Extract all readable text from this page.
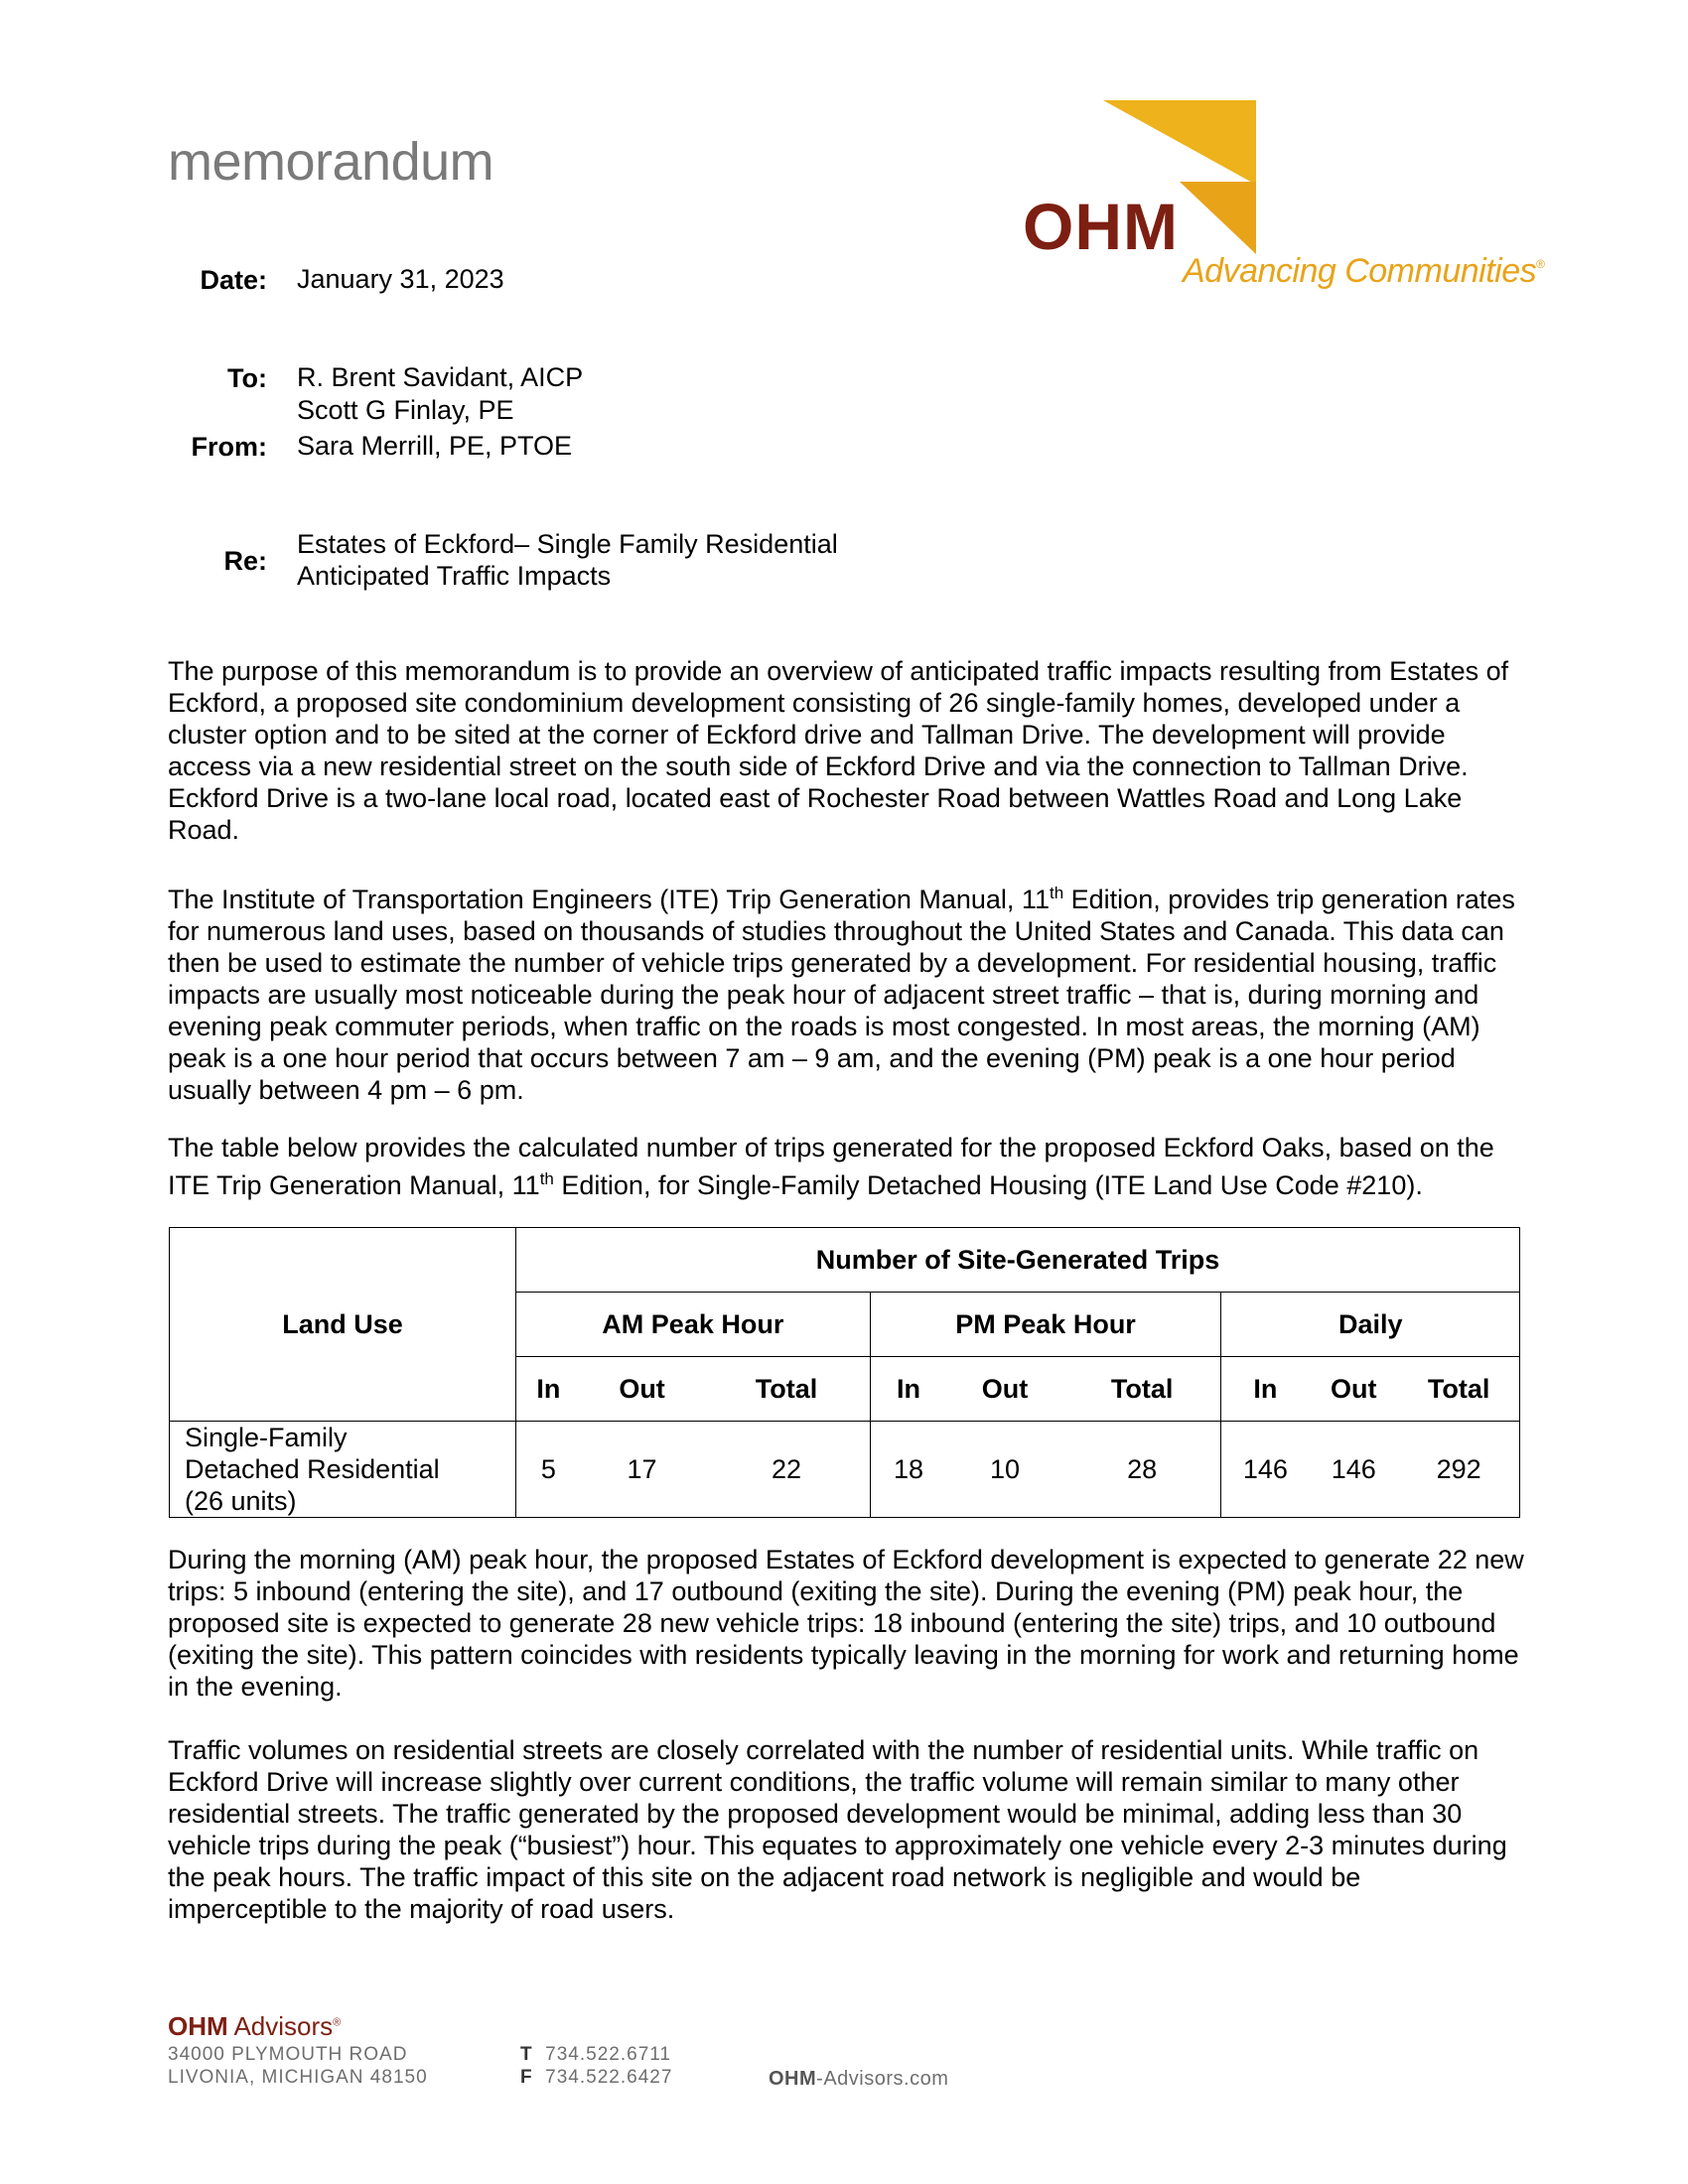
memorandum
OHM
Advancing Communities®
Date: January 31, 2023
To: R. Brent Savidant, AICP
Scott G Finlay, PE
From: Sara Merrill, PE, PTOE
Re:
Estates of Eckford– Single Family Residential
Anticipated Traffic Impacts

The purpose of this memorandum is to provide an overview of anticipated traffic impacts resulting from Estates of Eckford, a proposed site condominium development consisting of 26 single-family homes, developed under a cluster option and to be sited at the corner of Eckford drive and Tallman Drive. The development will provide access via a new residential street on the south side of Eckford Drive and via the connection to Tallman Drive. Eckford Drive is a two-lane local road, located east of Rochester Road between Wattles Road and Long Lake Road.

The Institute of Transportation Engineers (ITE) Trip Generation Manual, 11th Edition, provides trip generation rates for numerous land uses, based on thousands of studies throughout the United States and Canada. This data can then be used to estimate the number of vehicle trips generated by a development. For residential housing, traffic impacts are usually most noticeable during the peak hour of adjacent street traffic – that is, during morning and evening peak commuter periods, when traffic on the roads is most congested. In most areas, the morning (AM) peak is a one hour period that occurs between 7 am – 9 am, and the evening (PM) peak is a one hour period usually between 4 pm – 6 pm.

The table below provides the calculated number of trips generated for the proposed Eckford Oaks, based on the ITE Trip Generation Manual, 11th Edition, for Single-Family Detached Housing (ITE Land Use Code #210).

Land Use	Number of Site-Generated Trips								
	AM Peak Hour			PM Peak Hour			Daily		
	In	Out	Total	In	Out	Total	In	Out	Total

Single-Family
Detached Residential
(26 units)	5	17	22	18	10	28	146	146	292

During the morning (AM) peak hour, the proposed Estates of Eckford development is expected to generate 22 new trips: 5 inbound (entering the site), and 17 outbound (exiting the site). During the evening (PM) peak hour, the proposed site is expected to generate 28 new vehicle trips: 18 inbound (entering the site) trips, and 10 outbound (exiting the site). This pattern coincides with residents typically leaving in the morning for work and returning home in the evening.

Traffic volumes on residential streets are closely correlated with the number of residential units. While traffic on Eckford Drive will increase slightly over current conditions, the traffic volume will remain similar to many other residential streets. The traffic generated by the proposed development would be minimal, adding less than 30 vehicle trips during the peak (“busiest”) hour. This equates to approximately one vehicle every 2-3 minutes during the peak hours. The traffic impact of this site on the adjacent road network is negligible and would be imperceptible to the majority of road users.

OHM Advisors®
34000 PLYMOUTH ROAD
LIVONIA, MICHIGAN 48150
T 734.522.6711
F 734.522.6427	OHM-Advisors.com
